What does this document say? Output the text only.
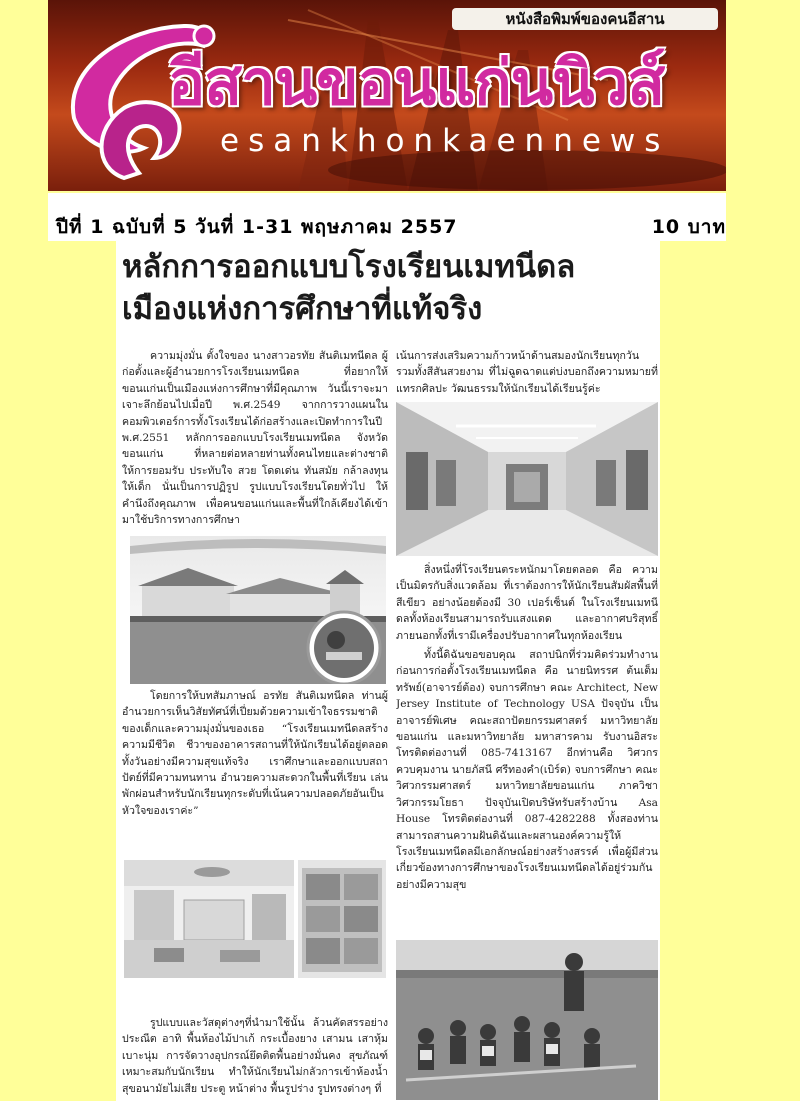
หนังสือพิมพ์ของคนอีสาน
อีสานขอนแก่นนิวส์
esankhonkaennews
ปีที่ 1 ฉบับที่ 5 วันที่ 1-31 พฤษภาคม 2557	10 บาท
หลักการออกแบบโรงเรียนเมทนีดล
เมืองแห่งการศึกษาที่แท้จริง

ความมุ่งมั่น ตั้งใจของ นางสาวอรทัย สันติเมทนีดล ผู้ก่อตั้งและผู้อำนวยการโรงเรียนเมทนีดล ที่อยากให้ขอนแก่นเป็นเมืองแห่งการศึกษาที่มีคุณภาพ วันนี้เราจะมาเจาะลึกย้อนไปเมื่อปี พ.ศ.2549 จากการวางแผนในคอมพิวเตอร์การทั้งโรงเรียนได้ก่อสร้างและเปิดทำการในปี พ.ศ.2551 หลักการออกแบบโรงเรียนเมทนีดล จังหวัดขอนแก่น ที่หลายต่อหลายท่านทั้งคนไทยและต่างชาติให้การยอมรับ ประทับใจ สวย โดดเด่น ทันสมัย กล้าลงทุนให้เด็ก นั่นเป็นการปฏิรูป รูปแบบโรงเรียนโดยทั่วไป ให้คำนึงถึงคุณภาพ เพื่อคนขอนแก่นและพื้นที่ใกล้เคียงได้เข้ามาใช้บริการทางการศึกษา

โดยการให้บทสัมภาษณ์ อรทัย สันติเมทนีดล ท่านผู้อำนวยการเห็นวิสัยทัศน์ที่เปี่ยมด้วยความเข้าใจธรรมชาติของเด็กและความมุ่งมั่นของเธอ “โรงเรียนเมทนีดลสร้างความมีชีวิต ชีวาของอาคารสถานที่ให้นักเรียนได้อยู่ตลอดทั้งวันอย่างมีความสุขแท้จริง เราศึกษาและออกแบบสถาปัตย์ที่มีความทนทาน อำนวยความสะดวกในพื้นที่เรียน เล่น พักผ่อนสำหรับนักเรียนทุกระดับที่เน้นความปลอดภัยอันเป็นหัวใจของเราค่ะ”

รูปแบบและวัสดุต่างๆที่นำมาใช้นั้น ล้วนคัดสรรอย่างประณีต อาทิ พื้นห้องไม้ปาเก้ กระเบื้องยาง เสามน เสาหุ้มเบาะนุ่ม การจัดวางอุปกรณ์ยึดติดพื้นอย่างมั่นคง สุขภัณฑ์เหมาะสมกับนักเรียน ทำให้นักเรียนไม่กลัวการเข้าห้องน้ำ สุขอนามัยไม่เสีย ประตู หน้าต่าง พื้นรูปร่าง รูปทรงต่างๆ ที่

เน้นการส่งเสริมความก้าวหน้าด้านสมองนักเรียนทุกวัน รวมทั้งสีสันสวยงาม ที่ไม่ฉูดฉาดแต่บ่งบอกถึงความหมายที่แทรกศิลปะ วัฒนธรรมให้นักเรียนได้เรียนรู้ค่ะ

สิ่งหนึ่งที่โรงเรียนตระหนักมาโดยตลอด คือ ความเป็นมิตรกับสิ่งแวดล้อม ที่เราต้องการให้นักเรียนสัมผัสพื้นที่สีเขียว อย่างน้อยต้องมี 30 เปอร์เซ็นต์ ในโรงเรียนเมทนีดลทั้งห้องเรียนสามารถรับแสงแดด และอากาศบริสุทธิ์ภายนอกทั้งที่เรามีเครื่องปรับอากาศในทุกห้องเรียน

ทั้งนี้ดิฉันขอขอบคุณ สถาปนิกที่ร่วมคิดร่วมทำงานก่อนการก่อตั้งโรงเรียนเมทนีดล คือ นายนิทรรศ ต้นเต็มทรัพย์(อาจารย์ต้อง) จบการศึกษา คณะ Architect, New Jersey Institute of Technology USA ปัจจุบัน เป็นอาจารย์พิเศษ คณะสถาปัตยกรรมศาสตร์ มหาวิทยาลัยขอนแก่น และมหาวิทยาลัย มหาสารคาม รับงานอิสระ โทรติดต่องานที่ 085-7413167 อีกท่านคือ วิศวกรควบคุมงาน นายภัสนี ศรีทองคำ(เบิร์ด) จบการศึกษา คณะวิศวกรรมศาสตร์ มหาวิทยาลัยขอนแก่น ภาควิชา วิศวกรรมโยธา ปัจจุบันเปิดบริษัทรับสร้างบ้าน Asa House โทรติดต่องานที่ 087-4282288 ทั้งสองท่านสามารถสานความฝันดิฉันและผสานองค์ความรู้ให้ โรงเรียนเมทนีดลมีเอกลักษณ์อย่างสร้างสรรค์ เพื่อผู้มีส่วนเกี่ยวข้องทางการศึกษาของโรงเรียนเมทนีดลได้อยู่ร่วมกันอย่างมีความสุข
